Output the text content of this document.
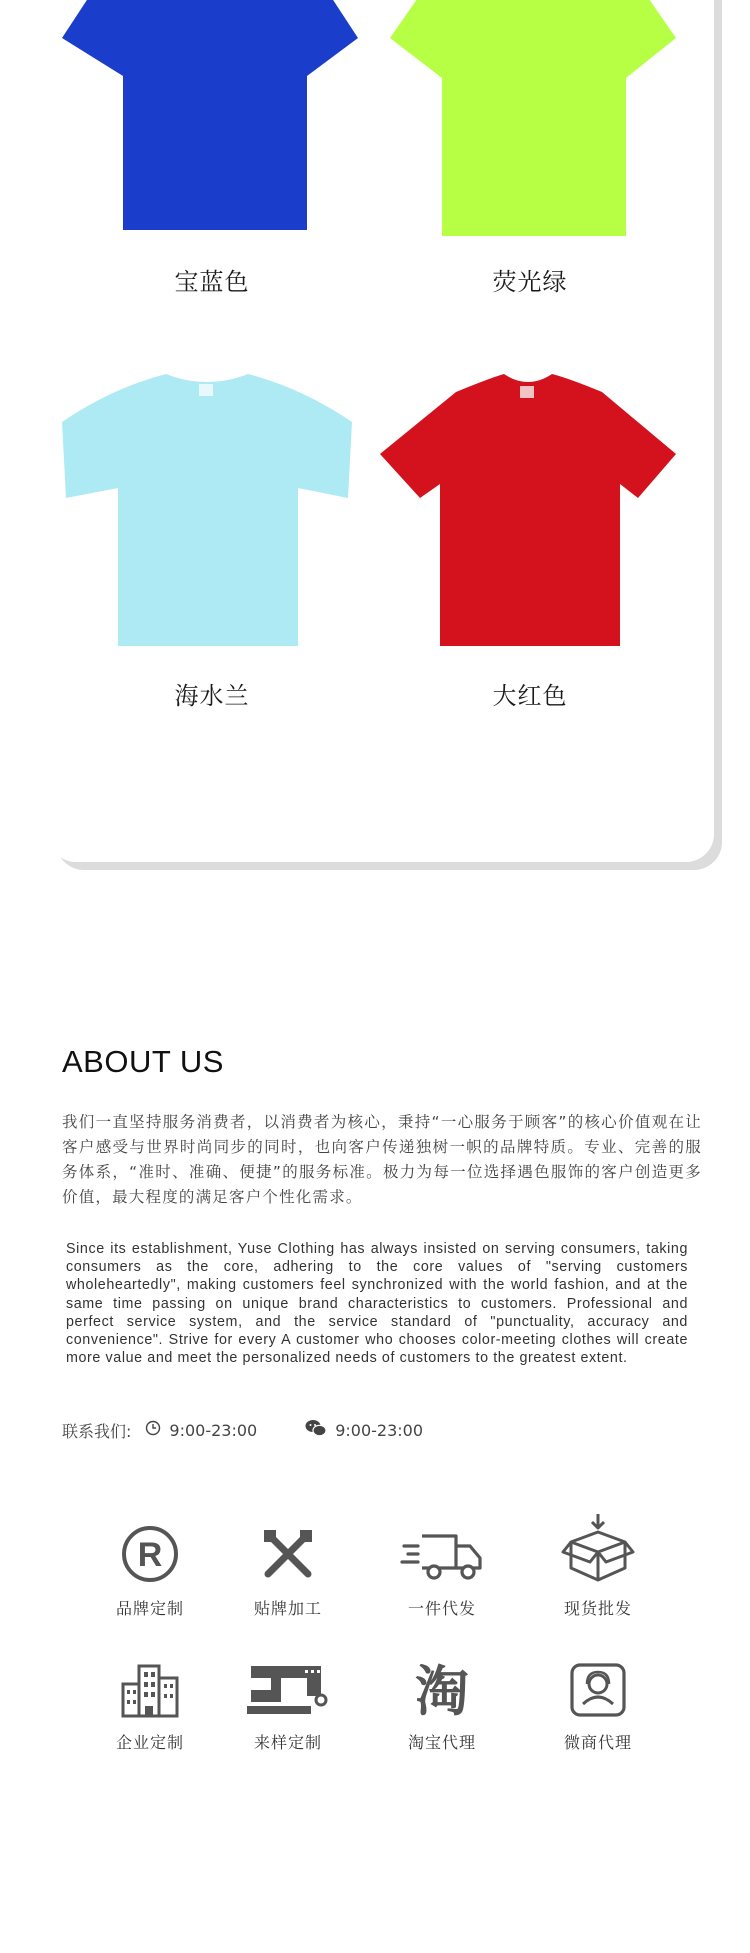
宝蓝色	荧光绿
海水兰	大红色
ABOUT US
我们一直坚持服务消费者，以消费者为核心，秉持“一心服务于顾客”的核心价值观在让客户感受与世界时尚同步的同时，也向客户传递独树一帜的品牌特质。专业、完善的服务体系，“准时、准确、便捷”的服务标准。极力为每一位选择遇色服饰的客户创造更多价值，最大程度的满足客户个性化需求。
Since its establishment, Yuse Clothing has always insisted on serving consumers, taking consumers as the core, adhering to the core values of "serving customers wholeheartedly", making customers feel synchronized with the world fashion, and at the same time passing on unique brand characteristics to customers. Professional and perfect service system, and the service standard of "punctuality, accuracy and convenience". Strive for every A customer who chooses color-meeting clothes will create more value and meet the personalized needs of customers to the greatest extent.
联系我们: 9:00-23:00	9:00-23:00
R
品牌定制	贴牌加工	一件代发	现货批发
企业定制	来样定制
淘
淘宝代理	微商代理
